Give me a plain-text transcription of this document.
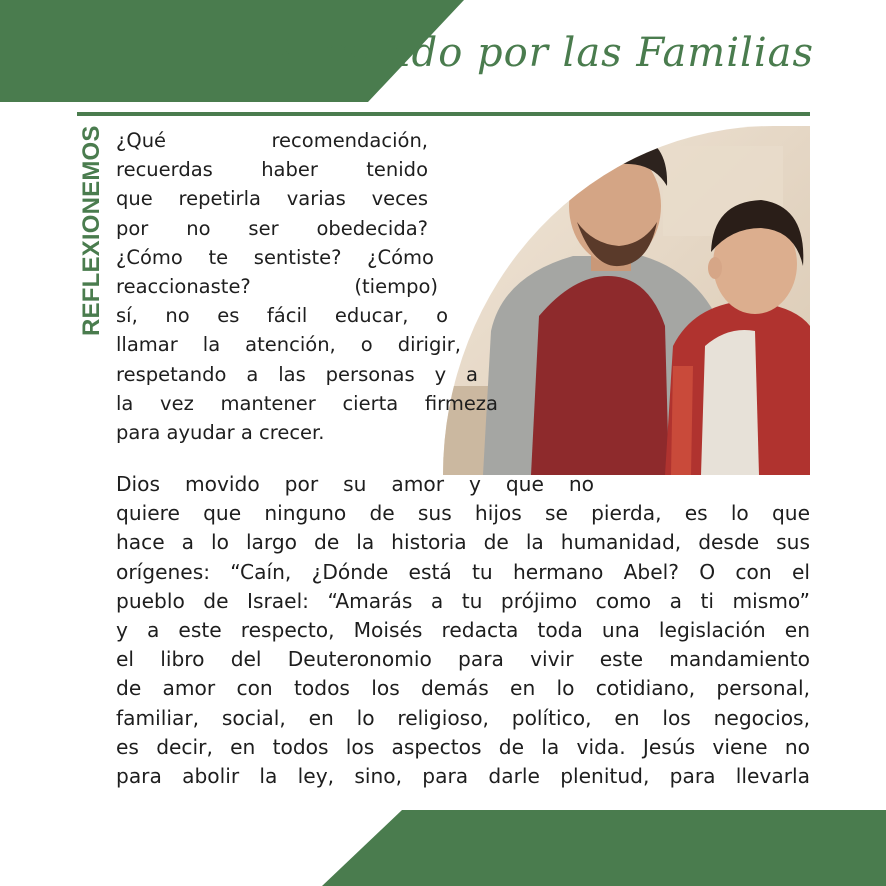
Sumando por las Familias
REFLEXIONEMOS ¿Qué recomendación,
recuerdas haber tenido
que repetirla varias veces
por no ser obedecida?
¿Cómo te sentiste? ¿Cómo
reaccionaste? (tiempo)
sí, no es fácil educar, o
llamar la atención, o dirigir,
respetando a las personas y a
la vez mantener cierta firmeza
para ayudar a crecer.
Dios movido por su amor y que no
quiere que ninguno de sus hijos se pierda, es lo que
hace a lo largo de la historia de la humanidad, desde sus
orígenes: “Caín, ¿Dónde está tu hermano Abel? O con el
pueblo de Israel: “Amarás a tu prójimo como a ti mismo”
y a este respecto, Moisés redacta toda una legislación en
el libro del Deuteronomio para vivir este mandamiento
de amor con todos los demás en lo cotidiano, personal,
familiar, social, en lo religioso, político, en los negocios,
es decir, en todos los aspectos de la vida. Jesús viene no
para abolir la ley, sino, para darle plenitud, para llevarla
